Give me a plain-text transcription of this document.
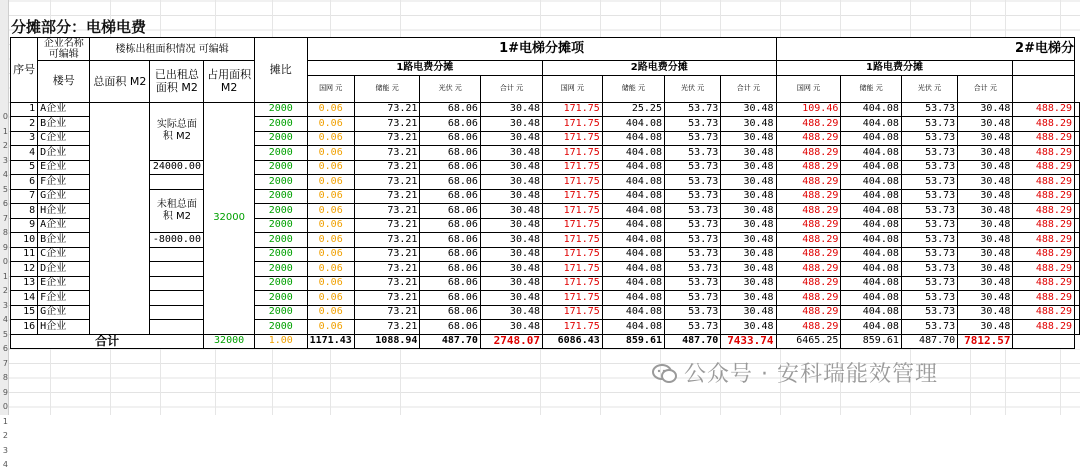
0
1
2
3
4
5
6
7
8
9
0
1
2
3
4
5
6
7
8
9
0
1
2
3
4
分摊部分：电梯电费
序号	企业名称 可编辑	楼栋出租面积情况 可编辑			摊比	1#电梯分摊项								2#电梯分					
	楼号	总面积 M2	已出租总面积 M2	占用面积 M2															
						1路电费分摊				2路电费分摊				1路电费分摊					
						国网 元	储能 元	光伏 元	合计 元	国网 元	储能 元	光伏 元	合计 元	国网 元	储能 元	光伏 元	合计 元		
1	A企业		实际总面积 M2	32000	2000	0.06	73.21	68.06	30.48	171.75	25.25	53.73	30.48	109.46	404.08	53.73	30.48	488.29	
2	B企业				2000	0.06	73.21	68.06	30.48	171.75	404.08	53.73	30.48	488.29	404.08	53.73	30.48	488.29	
3	C企业				2000	0.06	73.21	68.06	30.48	171.75	404.08	53.73	30.48	488.29	404.08	53.73	30.48	488.29	
4	D企业				2000	0.06	73.21	68.06	30.48	171.75	404.08	53.73	30.48	488.29	404.08	53.73	30.48	488.29	
5	E企业		24000.00		2000	0.06	73.21	68.06	30.48	171.75	404.08	53.73	30.48	488.29	404.08	53.73	30.48	488.29	
6	F企业				2000	0.06	73.21	68.06	30.48	171.75	404.08	53.73	30.48	488.29	404.08	53.73	30.48	488.29	
7	G企业		未租总面积 M2		2000	0.06	73.21	68.06	30.48	171.75	404.08	53.73	30.48	488.29	404.08	53.73	30.48	488.29	
8	H企业				2000	0.06	73.21	68.06	30.48	171.75	404.08	53.73	30.48	488.29	404.08	53.73	30.48	488.29	
9	A企业				2000	0.06	73.21	68.06	30.48	171.75	404.08	53.73	30.48	488.29	404.08	53.73	30.48	488.29	
10	B企业		-8000.00		2000	0.06	73.21	68.06	30.48	171.75	404.08	53.73	30.48	488.29	404.08	53.73	30.48	488.29	
11	C企业				2000	0.06	73.21	68.06	30.48	171.75	404.08	53.73	30.48	488.29	404.08	53.73	30.48	488.29	
12	D企业				2000	0.06	73.21	68.06	30.48	171.75	404.08	53.73	30.48	488.29	404.08	53.73	30.48	488.29	
13	E企业				2000	0.06	73.21	68.06	30.48	171.75	404.08	53.73	30.48	488.29	404.08	53.73	30.48	488.29	
14	F企业				2000	0.06	73.21	68.06	30.48	171.75	404.08	53.73	30.48	488.29	404.08	53.73	30.48	488.29	
15	G企业				2000	0.06	73.21	68.06	30.48	171.75	404.08	53.73	30.48	488.29	404.08	53.73	30.48	488.29	
16	H企业				2000	0.06	73.21	68.06	30.48	171.75	404.08	53.73	30.48	488.29	404.08	53.73	30.48	488.29	
合计				32000	1.00	1171.43	1088.94	487.70	2748.07	6086.43	859.61	487.70	7433.74	6465.25	859.61	487.70	7812.57		
公众号 · 安科瑞能效管理
